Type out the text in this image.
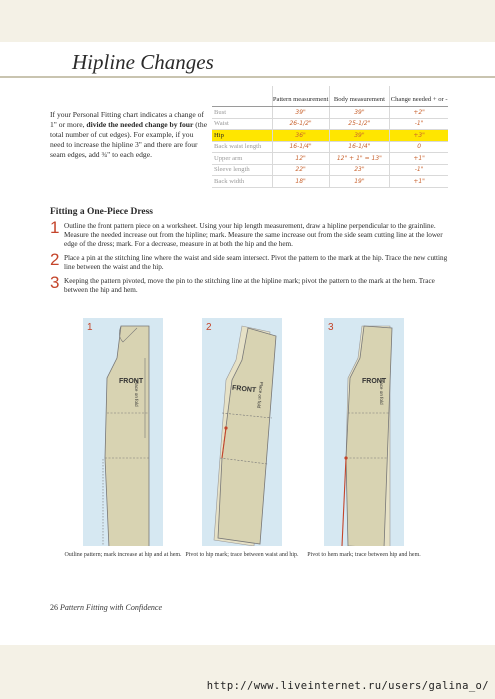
Hipline Changes

If your Personal Fitting chart indicates a change of 1" or more, divide the needed change by four (the total number of cut edges). For example, if you need to increase the hipline 3" and there are four seam edges, add ¾" to each edge.

	Pattern measurement	Body measurement	Change needed + or -
Bust	39"	39"	+2"
Waist	26-1/2"	25-1/2"	-1"
Hip	36"	39"	+3"
Back waist length	16-1/4"	16-1/4"	0
Upper arm	12"	12" + 1" = 13"	+1"
Sleeve length	22"	23"	-1"
Back width	18"	19"	+1"
Fitting a One-Piece Dress
1 Outline the front pattern piece on a worksheet. Using your hip length measurement, draw a hipline perpendicular to the grainline. Measure the needed increase out from the hipline; mark. Measure the same increase out from the side seam cutting line at the lower edge of the dress; mark. For a decrease, measure in at both the hip and the hem.
2 Place a pin at the stitching line where the waist and side seam intersect. Pivot the pattern to the mark at the hip. Trace the new cutting line between the waist and the hip.
3 Keeping the pattern pivoted, move the pin to the stitching line at the hipline mark; pivot the pattern to the mark at the hem. Trace between the hip and hem.
1
FRONT
Place on fold
Outline pattern; mark increase at hip and at hem.
2
FRONT Place on fold
Pivot to hip mark; trace between waist and hip.
3
FRONT
Place on fold
Pivot to hem mark; trace between hip and hem.
26 Pattern Fitting with Confidence
http://www.liveinternet.ru/users/galina_o/
